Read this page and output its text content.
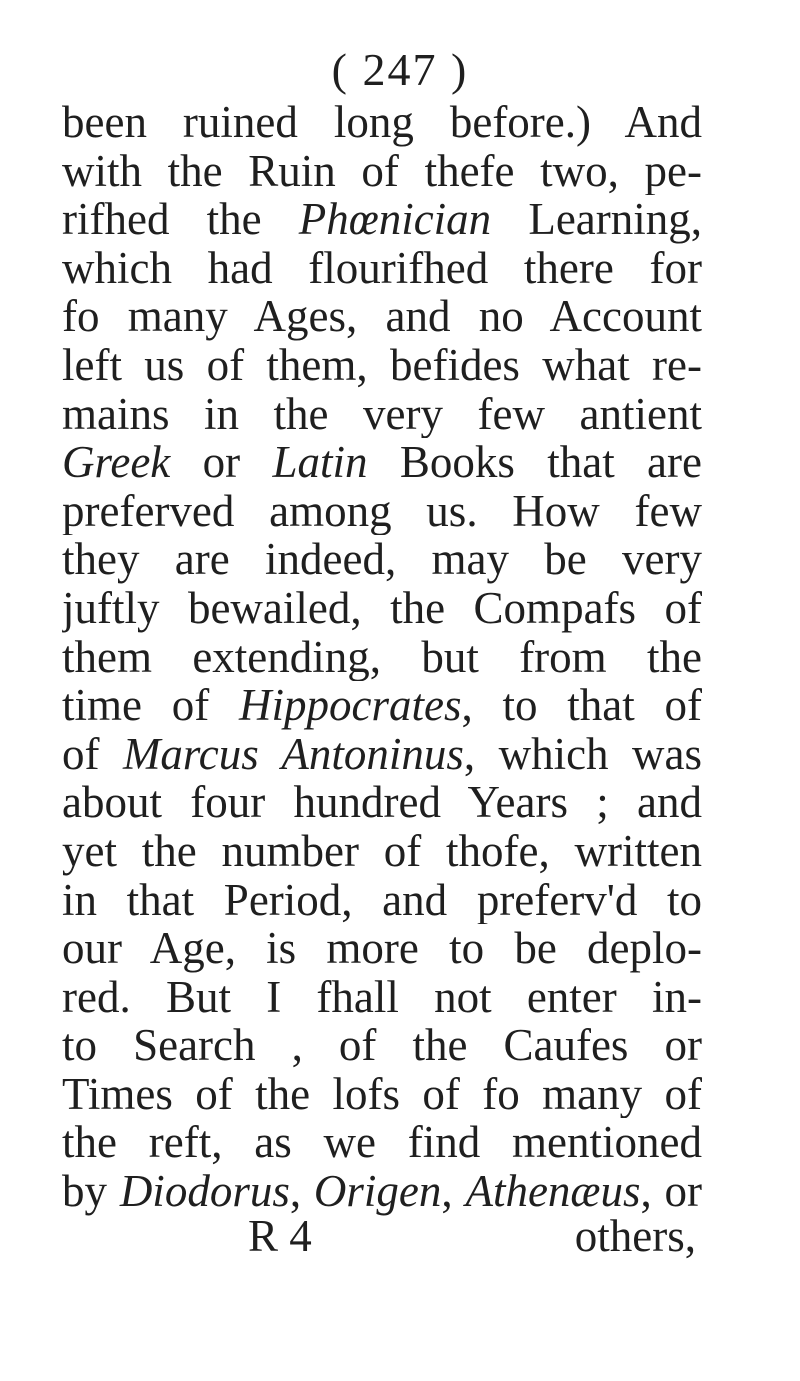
( 247 )
been ruined long before.) And
with the Ruin of thefe two, pe-
rifhed the Phœnician Learning,
which had flourifhed there for
fo many Ages, and no Account
left us of them, befides what re-
mains in the very few antient
Greek or Latin Books that are
preferved among us. How few
they are indeed, may be very
juftly bewailed, the Compafs of
them extending, but from the
time of Hippocrates, to that of
of Marcus Antoninus, which was
about four hundred Years ; and
yet the number of thofe, written
in that Period, and preferv'd to
our Age, is more to be deplo-
red. But I fhall not enter in-
to Search , of the Caufes or
Times of the lofs of fo many of
the reft, as we find mentioned
by Diodorus, Origen, Athenæus, or
R 4	others,
